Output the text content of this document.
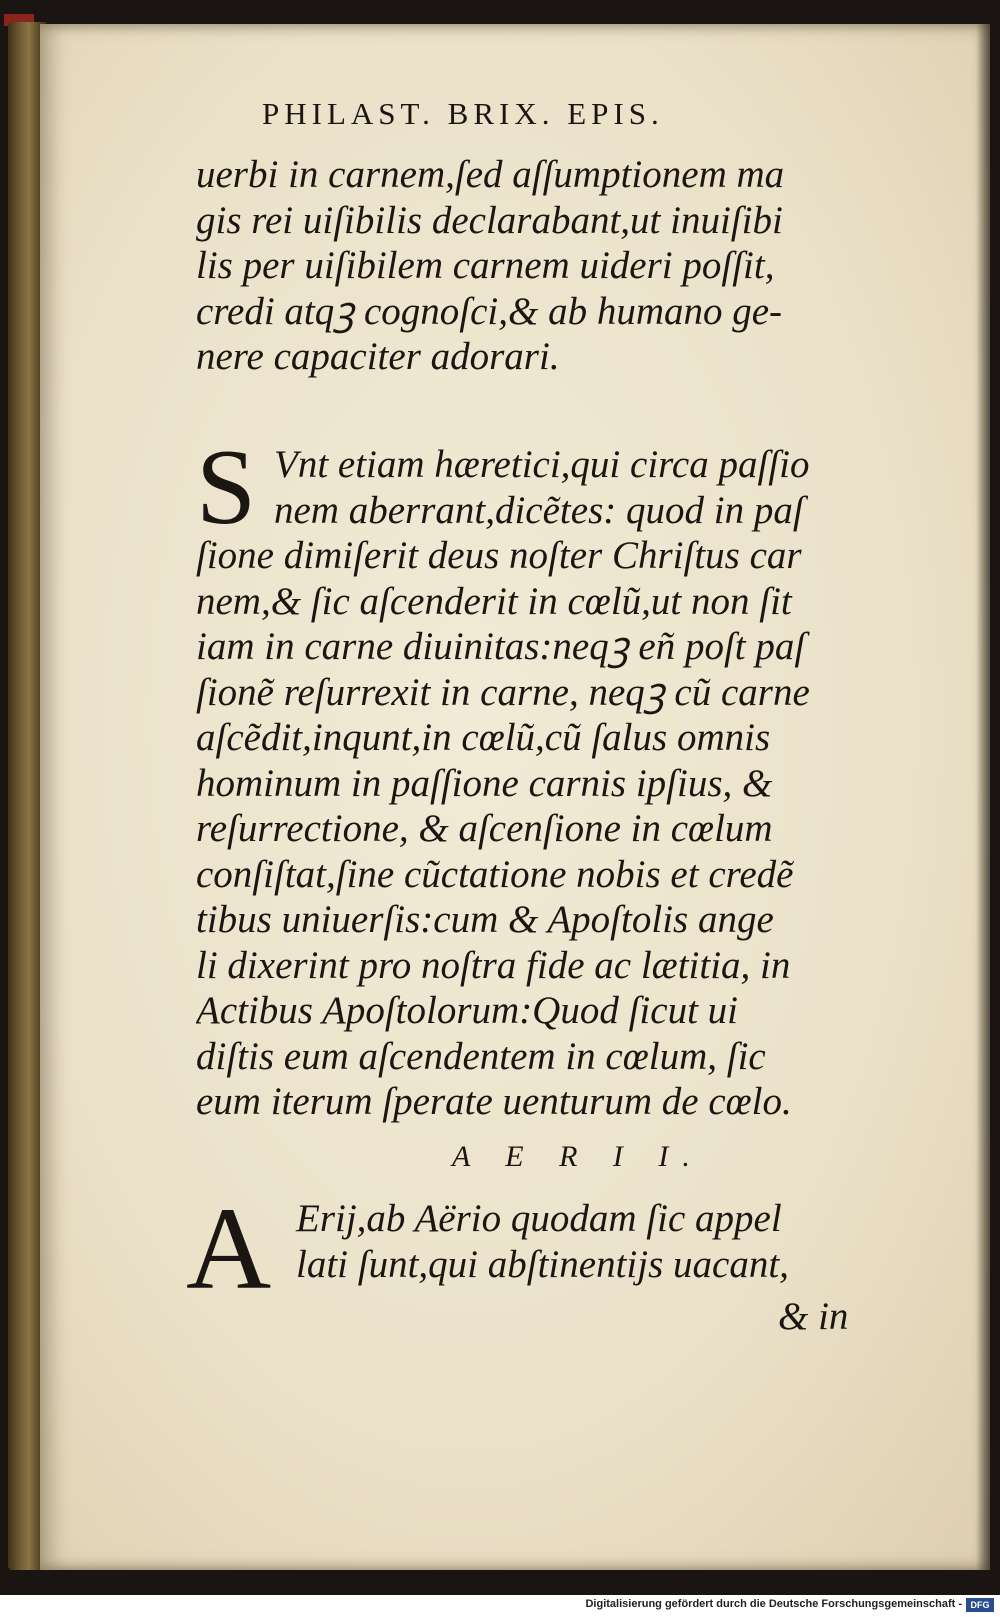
PHILAST. BRIX. EPIS.
uerbi in carnem,ſed aſſumptionem ma
gis rei uiſibilis declarabant,ut inuiſibi
lis per uiſibilem carnem uideri poſſit,
credi atqꝫ cognoſci,& ab humano ge-
nere capaciter adorari.
S Vnt etiam hæretici,qui circa paſſio
nem aberrant,dicẽtes: quod in paſ
ſione dimiſerit deus noſter Chriſtus car
nem,& ſic aſcenderit in cœlũ,ut non ſit
iam in carne diuinitas:neqꝫ eñ poſt paſ
ſionẽ reſurrexit in carne, neqꝫ cũ carne
aſcẽdit,inqunt,in cœlũ,cũ ſalus omnis
hominum in paſſione carnis ipſius, &
reſurrectione, & aſcenſione in cœlum
conſiſtat,ſine cũctatione nobis et credẽ
tibus uniuerſis:cum & Apoſtolis ange
li dixerint pro noſtra fide ac lætitia, in
Actibus Apoſtolorum:Quod ſicut ui
diſtis eum aſcendentem in cœlum, ſic
eum iterum ſperate uenturum de cœlo.
A E R I I.
A Erij,ab Aërio quodam ſic appel
lati ſunt,qui abſtinentijs uacant,
& in
Digitalisierung gefördert durch die Deutsche Forschungsgemeinschaft - DFG
